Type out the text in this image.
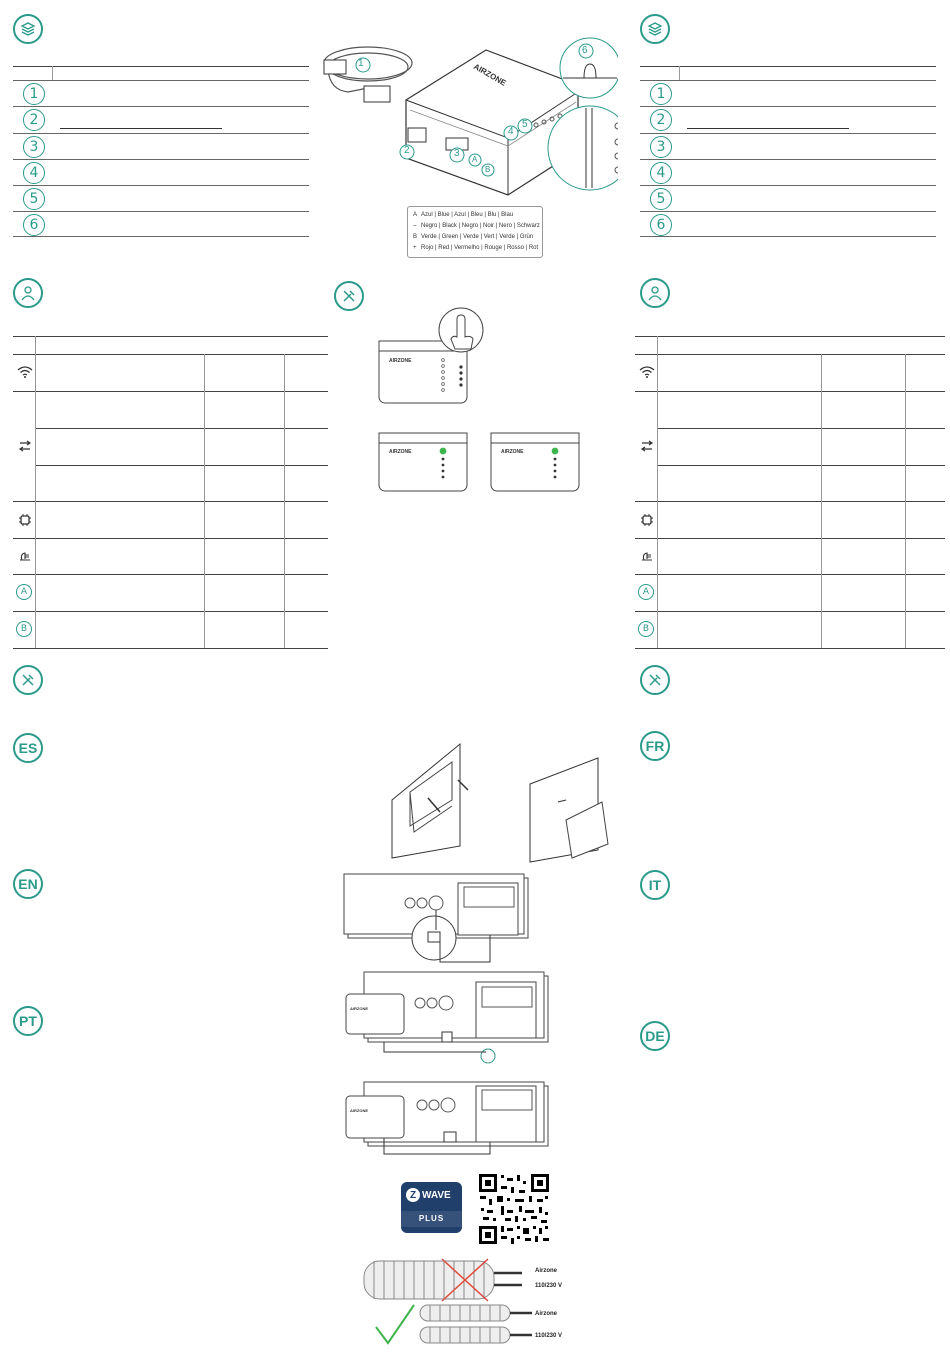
1
2
3
4
5
6
1
2
3
4
5
6
AIRZONE
1
2	3
4
5
6
A
B
A Azul | Blue | Azul | Bleu | Blu | Blau
– Negro | Black | Negro | Noir | Nero | Schwarz
B Verde | Green | Verde | Vert | Verde | Grün
+ Rojo | Red | Vermelho | Rouge | Rosso | Rot
A
B
A
B
AIRZONE
AIRZONE	AIRZONE
ES
EN
PT
FR
IT
DE
AIRZONE
AIRZONE
Z WAVE
PLUS
Airzone
110/230 V
Airzone
110/230 V
